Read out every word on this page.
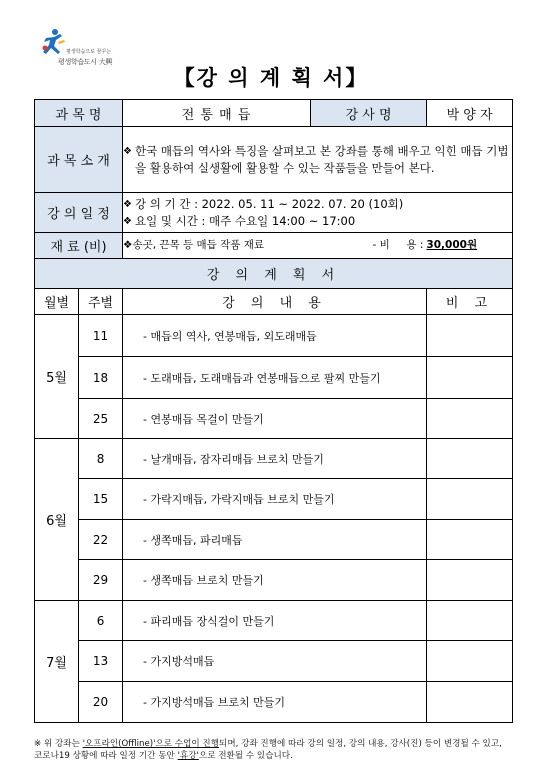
평생학습으로 꿈꾸는
평생학습도시 大興
【강 의 계 획 서】
과 목 명		전 통 매 듭	강 사 명	박 양 자
과 목 소 개		❖ 한국 매듭의 역사와 특징을 살펴보고 본 강좌를 통해 배우고 익힌 매듭 기법을 활용하여 실생활에 활용할 수 있는 작품들을 만들어 본다.		

강 의 일 정		❖ 강 의 기 간 : 2022. 05. 11 ~ 2022. 07. 20 (10회)
❖ 요일 및 시간 : 매주 수요일 14:00 ~ 17:00		

재 료 (비)		❖ 송곳, 끈목 등 매듭 작품 재료 - 비     용 : 30,000원		

강 의 계 획 서				
월별	주별	강 의 내 용		비 고
5월	11	- 매듭의 역사, 연봉매듭, 외도래매듭		
	18	- 도래매듭, 도래매듭과 연봉매듭으로 팔찌 만들기		
	25	- 연봉매듭 목걸이 만들기		
6월	8	- 날개매듭, 잠자리매듭 브로치 만들기		
	15	- 가락지매듭, 가락지매듭 브로치 만들기		
	22	- 생쪽매듭, 파리매듭		
	29	- 생쪽매듭 브로치 만들기		
7월	6	- 파리매듭 장식걸이 만들기		
	13	- 가지방석매듭		
	20	- 가지방석매듭 브로치 만들기		
※ 위 강좌는 '오프라인(Offline)'으로 수업이 진행되며, 강좌 진행에 따라 강의 일정, 강의 내용, 강사(진) 등이 변경될 수 있고, 코로나19 상황에 따라 일정 기간 동안 '휴강'으로 전환될 수 있습니다.
